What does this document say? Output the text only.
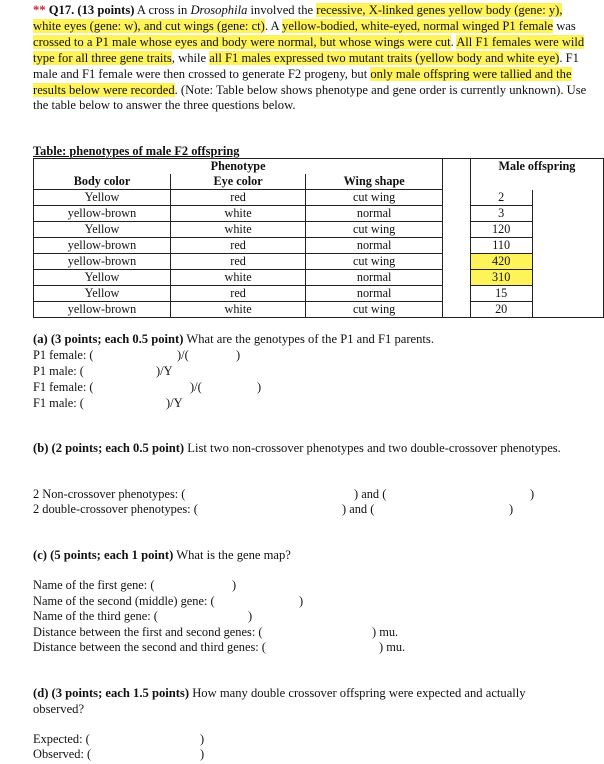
** Q17. (13 points) A cross in Drosophila involved the recessive, X-linked genes yellow body (gene: y), white eyes (gene: w), and cut wings (gene: ct). A yellow-bodied, white-eyed, normal winged P1 female was crossed to a P1 male whose eyes and body were normal, but whose wings were cut. All F1 females were wild type for all three gene traits, while all F1 males expressed two mutant traits (yellow body and white eye). F1 male and F1 female were then crossed to generate F2 progeny, but only male offspring were tallied and the results below were recorded. (Note: Table below shows phenotype and gene order is currently unknown). Use the table below to answer the three questions below.
Table: phenotypes of male F2 offspring
	Phenotype			Male offspring	
Body color	Eye color	Wing shape			
Yellow	red	cut wing		2	
yellow-brown	white	normal		3	
Yellow	white	cut wing		120	
yellow-brown	red	normal		110	
yellow-brown	red	cut wing		420	
Yellow	white	normal		310	
Yellow	red	normal		15	
yellow-brown	white	cut wing		20	
(a) (3 points; each 0.5 point) What are the genotypes of the P1 and F1 parents.
P1 female: (	)/(	)
P1 male: (	)/Y
F1 female: (	)/(	)
F1 male: (	)/Y
(b) (2 points; each 0.5 point) List two non-crossover phenotypes and two double-crossover phenotypes.
2 Non-crossover phenotypes: (	) and (	)
2 double-crossover phenotypes: (	) and (	)
(c) (5 points; each 1 point) What is the gene map?
Name of the first gene: (	)
Name of the second (middle) gene: (	)
Name of the third gene: (	)
Distance between the first and second genes: (	) mu.
Distance between the second and third genes: (	) mu.
(d) (3 points; each 1.5 points) How many double crossover offspring were expected and actually observed?
Expected: (	)
Observed: (	)
